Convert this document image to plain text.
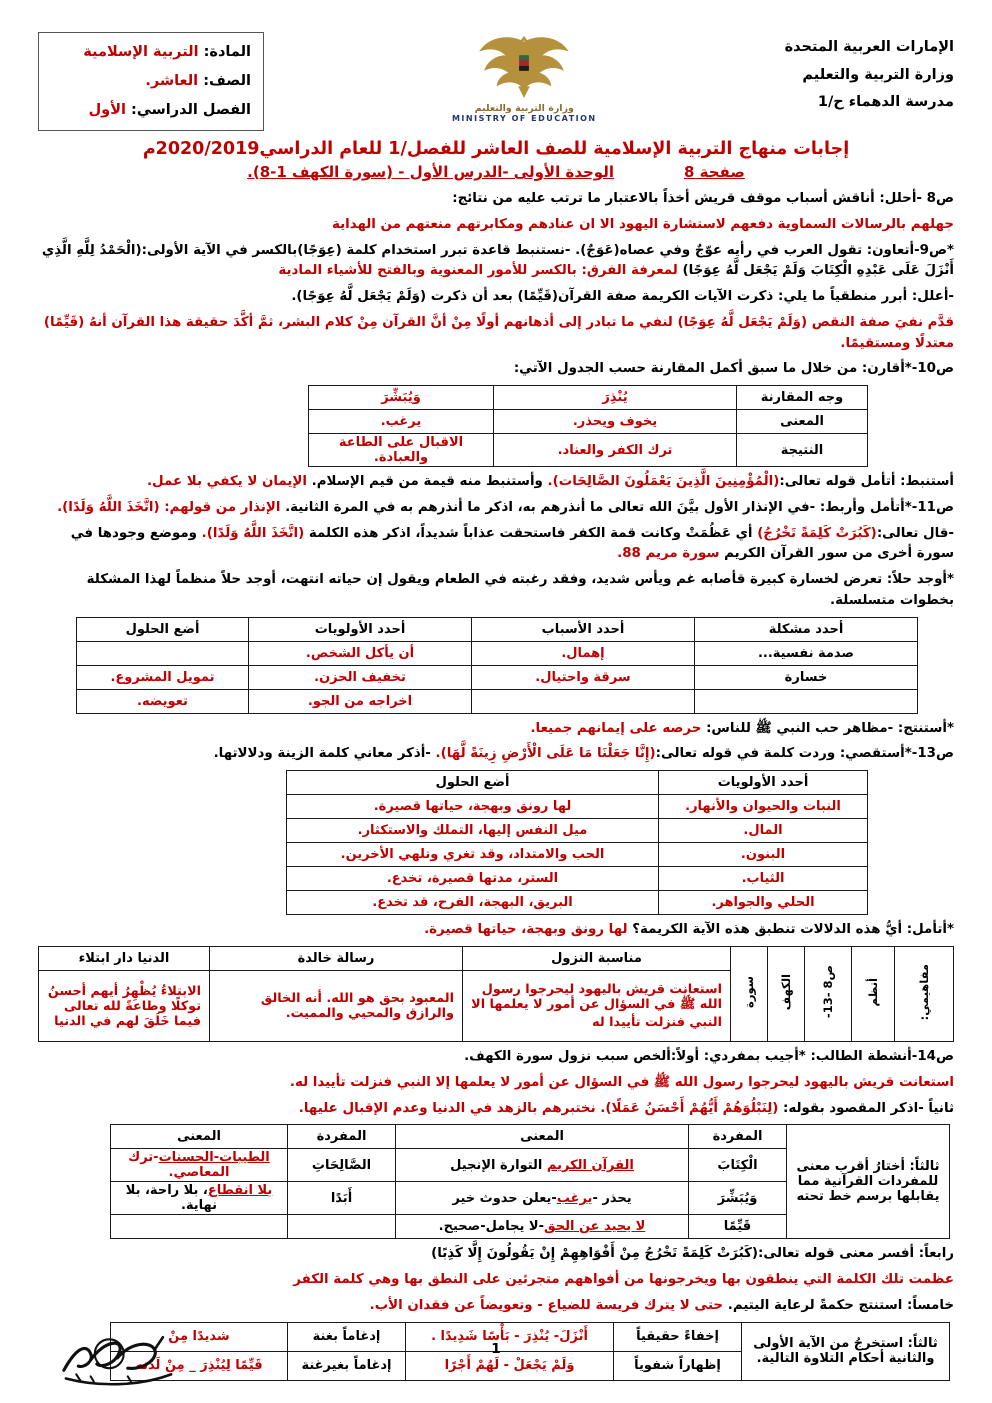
الإمارات العربية المتحدة
وزارة التربية والتعليم
مدرسة الدهماء ح/1
وزارة التربية والتعليم
MINISTRY OF EDUCATION
المادة: التربية الإسلامية
الصف: العاشر.
الفصل الدراسي: الأول
إجابات منهاج التربية الإسلامية للصف العاشر للفصل/1 للعام الدراسي2020/2019م
صفحة 8الوحدة الأولى -الدرس الأول - (سورة الكهف 1-8).

ص8 -أحلل: أناقش أسباب موقف قريش أخذاً بالاعتبار ما ترتب عليه من نتائج:

جهلهم بالرسالات السماوية دفعهم لاستشارة اليهود الا ان عنادهم ومكابرتهم منعتهم من الهداية

*ص9-أتعاون: تقول العرب في رأيه عوّجٌ وفي عصاه(عَوَجٌ). -نستنبط قاعدة تبرر استخدام كلمة (عِوَجًا)بالكسر في الآية الأولى:(الْحَمْدُ لِلَّهِ الَّذِي أَنْزَلَ عَلَى عَبْدِهِ الْكِتَابَ وَلَمْ يَجْعَل لَّهُ عِوَجًا) لمعرفة الفرق: بالكسر للأمور المعنوية وبالفتح للأشياء المادية

-أعلل: أبرر منطقياً ما يلي: ذكرت الآيات الكريمة صفة القرآن(قَيِّمًا) بعد أن ذكرت (وَلَمْ يَجْعَل لَّهُ عِوَجًا).

قدَّم نفيَ صفة النقص (وَلَمْ يَجْعَل لَّهُ عِوَجًا) لنفي ما تبادر إلى أذهانهم أولًا مِنْ أنَّ القرآن مِنْ كلام البشر، ثمَّ أكَّدَ حقيقة هذا القرآن أنهُ (قَيِّمًا) معتدلًا ومستقيمًا.

ص10-*أقارن: من خلال ما سبق أكمل المقارنة حسب الجدول الآتي:

وجه المقارنة	يُنْذِرَ	وَيُبَشِّرَ
المعنى	يخوف ويحذر.	يرغب.
النتيجة	ترك الكفر والعناد.	الاقبال على الطاعة والعبادة.

أستنبط: أتأمل قوله تعالى:(الْمُؤْمِنِينَ الَّذِينَ يَعْمَلُونَ الصَّالِحَات). وأستنبط منه قيمة من قيم الإسلام. الإيمان لا يكفي بلا عمل.

ص11-*أتأمل وأربط: -في الإنذار الأول بيَّنَ الله تعالى ما أنذرهم به، اذكر ما أنذرهم به في المرة الثانية. الإنذار من قولهم: (اتَّخَذَ اللَّهُ وَلَدًا).

-قال تعالى:(كَبُرَتْ كَلِمَةً تَخْرُجُ) أي عَظُمَتْ وكانت قمة الكفر فاستحقت عذاباً شديداً، اذكر هذه الكلمة (اتَّخَذَ اللَّهُ وَلَدًا). وموضع وجودها في سورة أخرى من سور القرآن الكريم سورة مريم 88.

*أوجد حلاً: تعرض لخسارة كبيرة قأصابه غم ويأس شديد، وفقد رغبته في الطعام ويقول إن حياته انتهت، أوجد حلاً منظماً لهذا المشكلة بخطوات متسلسلة.

أحدد مشكلة	أحدد الأسباب	أحدد الأولويات	أضع الحلول
صدمة نفسية...	إهمال.	أن يأكل الشخص.	
خسارة	سرقة واحتيال.	تخفيف الحزن.	تمويل المشروع.
		اخراجه من الجو.	تعويضه.

*أستنتج: -مظاهر حب النبي ﷺ للناس: حرصه على إيمانهم جميعا.

ص13-*أستقصي: وردت كلمة في قوله تعالى:(إِنَّا جَعَلْنَا مَا عَلَى الْأَرْضِ زِينَةً لَّهَا). -أذكر معاني كلمة الزينة ودلالاتها.

أحدد الأولويات	أضع الحلول
النبات والحيوان والأنهار.	لها رونق وبهجة، حياتها قصيرة.
المال.	ميل النفس إليها، التملك والاستكثار.
البنون.	الحب والامتداد، وقد تغري وتلهي الأخرين.
الثياب.	الستر، مدتها قصيرة، تخدع.
الحلي والجواهر.	البريق، البهجة، الفرح، قد تخدع.

*أتأمل: أيُّ هذه الدلالات تنطبق هذه الآية الكريمة؟ لها رونق وبهجة، حياتها قصيرة.

مفاهيمي:	أنظم	ص8 -13-	الكهف	سورة	مناسبة النزول	رسالة خالدة	الدنيا دار ابتلاء
					استعانت قريش باليهود ليحرجوا رسول الله ﷺ في السؤال عن أمور لا يعلمها الا النبي فنزلت تأييدا له	المعبود بحق هو الله. أنه الخالق والرازق والمحيي والمميت.	الابتلاءُ يُظْهِرُ أيهم أحسنُ توكلًا وطاعةً لله تعالى فيما خَلَقَ لهم في الدنيا

ص14-أنشطة الطالب: *أجيب بمفردي: أولاً:ألخص سبب نزول سورة الكهف.

استعانت قريش باليهود ليحرجوا رسول الله ﷺ في السؤال عن أمور لا يعلمها إلا النبي فنزلت تأييدا له.

ثانياً -اذكر المقصود بقوله: (لِنَبْلُوَهُمْ أَيُّهُمْ أَحْسَنُ عَمَلًا). نختبرهم بالزهد في الدنيا وعدم الإقبال عليها.

ثالثاً: أختارُ أقرب معنى للمفردات القرآنية مما يقابلها برسم خط تحته	المفردة	المعنى	المفردة	المعنى
	الْكِتَابَ	القرآن الكريم التوارة الإنجيل	الصَّالِحَاتِ	الطيبات-الحسنات-ترك المعاصي.
	وَيُبَشِّرَ	يحذر -يرغب-يعلن حدوث خير	أَبَدًا	بلا انقطاع، بلا راحة، بلا نهاية.
	قَيِّمًا	لا يحيد عن الحق-لا يجامل-صحيح.		

رابعاً: أفسر معنى قوله تعالى:(كَبُرَتْ كَلِمَةً تَخْرُجُ مِنْ أَفْوَاهِهِمْ إِنْ يَقُولُونَ إِلَّا كَذِبًا)

عظمت تلك الكلمة التي ينطقون بها ويخرجونها من أفواههم متجرئين على النطق بها وهي كلمة الكفر

خامساً: استنتج حكمةً لرعاية اليتيم. حتى لا يترك فريسة للضياع - وتعويضاً عن فقدان الأب.

ثالثاً: استخرجُ من الآية الأولى والثانية أحكام التلاوة التالية.	إخفاءً حقيقياً	أَنْزَلَ- يُنْذِرَ - بَأْسًا شَدِيدًا .	إدغاماً بغنة	شديدًا مِنْ
	إظهاراً شفوياً	وَلَمْ يَجْعَلْ - لَهُمْ أَجْرًا	إدغاماً بغيرغنة	قَيِّمًا لِيُنْذِرَ _ مِنْ لَدُنه
1
